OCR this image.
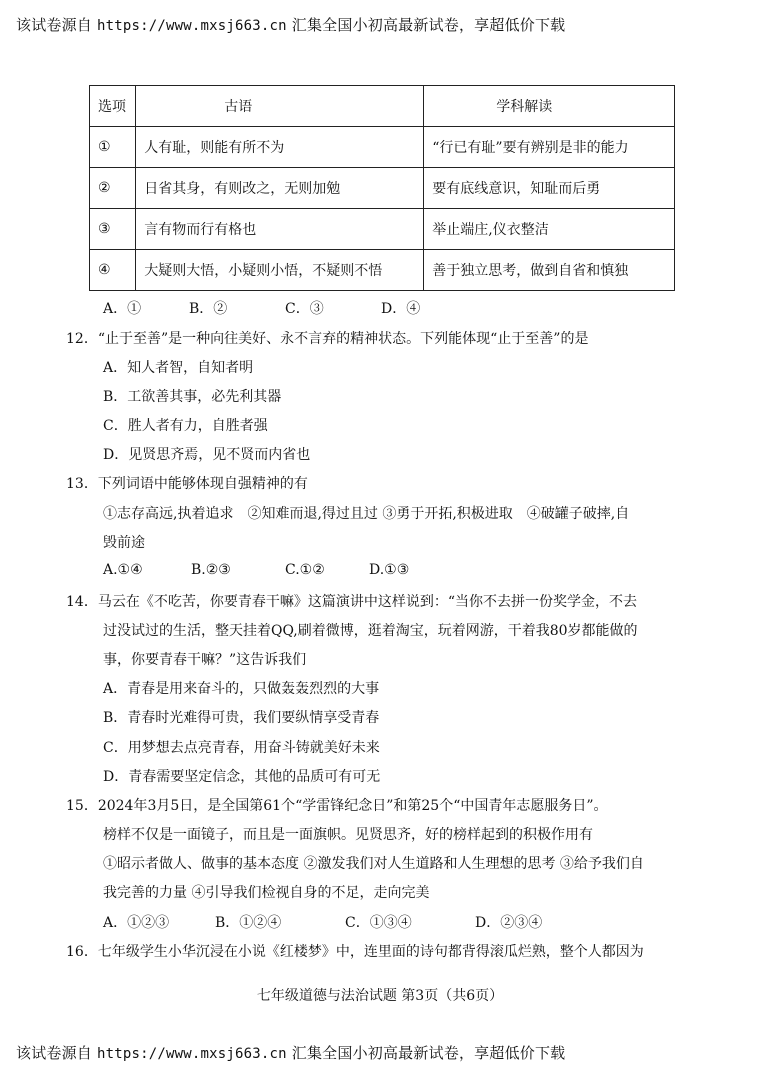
该试卷源自 https://www.mxsj663.cn 汇集全国小初高最新试卷，享超低价下载
选项	古语	学科解读
①	人有耻，则能有所不为	“行已有耻”要有辨别是非的能力
②	日省其身，有则改之，无则加勉	要有底线意识，知耻而后勇
③	言有物而行有格也	举止端庄,仪衣整洁
④	大疑则大悟，小疑则小悟，不疑则不悟	善于独立思考，做到自省和慎独
A．①	B．②	C．③	D．④
12．“止于至善”是一种向往美好、永不言弃的精神状态。下列能体现“止于至善”的是
A．知人者智，自知者明
B．工欲善其事，必先利其器
C．胜人者有力，自胜者强
D．见贤思齐焉，见不贤而内省也
13．下列词语中能够体现自强精神的有
①志存高远,执着追求　②知难而退,得过且过 ③勇于开拓,积极进取　④破罐子破摔,自
毁前途
A.①④	B.②③	C.①②	D.①③
14．马云在《不吃苦，你要青春干嘛》这篇演讲中这样说到：“当你不去拼一份奖学金，不去
过没试过的生活，整天挂着QQ,刷着微博，逛着淘宝，玩着网游，干着我80岁都能做的
事，你要青春干嘛？”这告诉我们
A．青春是用来奋斗的，只做轰轰烈烈的大事
B．青春时光难得可贵，我们要纵情享受青春
C．用梦想去点亮青春，用奋斗铸就美好未来
D．青春需要坚定信念，其他的品质可有可无
15．2024年3月5日，是全国第61个“学雷锋纪念日”和第25个“中国青年志愿服务日”。
榜样不仅是一面镜子，而且是一面旗帜。见贤思齐，好的榜样起到的积极作用有
①昭示者做人、做事的基本态度 ②激发我们对人生道路和人生理想的思考 ③给予我们自
我完善的力量 ④引导我们检视自身的不足，走向完美
A．①②③	B．①②④	C．①③④	D．②③④
16．七年级学生小华沉浸在小说《红楼梦》中，连里面的诗句都背得滚瓜烂熟，整个人都因为
七年级道德与法治试题 第3页（共6页）
该试卷源自 https://www.mxsj663.cn 汇集全国小初高最新试卷，享超低价下载
